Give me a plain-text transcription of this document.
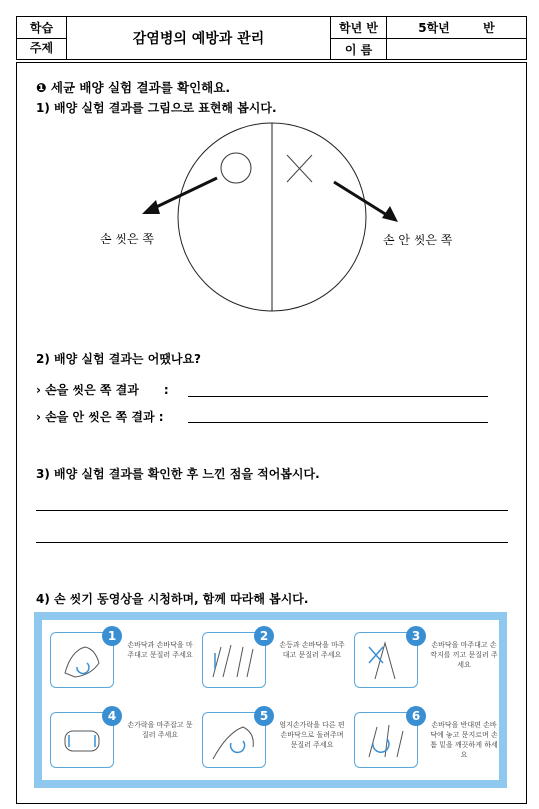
학습
주제
감염병의 예방과 관리
학년 반	5학년        반
이 름
❶ 세균 배양 실험 결과를 확인해요.
1) 배양 실험 결과를 그림으로 표현해 봅시다.
손 씻은 쪽	손 안 씻은 쪽
2) 배양 실험 결과는 어땠나요?
› 손을 씻은 쪽 결과      :
› 손을 안 씻은 쪽 결과 :
3) 배양 실험 결과를 확인한 후 느낀 점을 적어봅시다.
4) 손 씻기 동영상을 시청하며, 함께 따라해 봅시다.
1
손바닥과 손바닥을 마주대고 문질러 주세요
2
손등과 손바닥을 마주대고 문질러 주세요
3
손바닥을 마주대고 손깍지를 끼고 문질러 주세요
4
손가락을 마주잡고 문질러 주세요
5
엄지손가락을 다른 편 손바닥으로 돌려주며 문질러 주세요
6
손바닥을 반대편 손바닥에 놓고 문지르며 손톱 밑을 깨끗하게 하세요
